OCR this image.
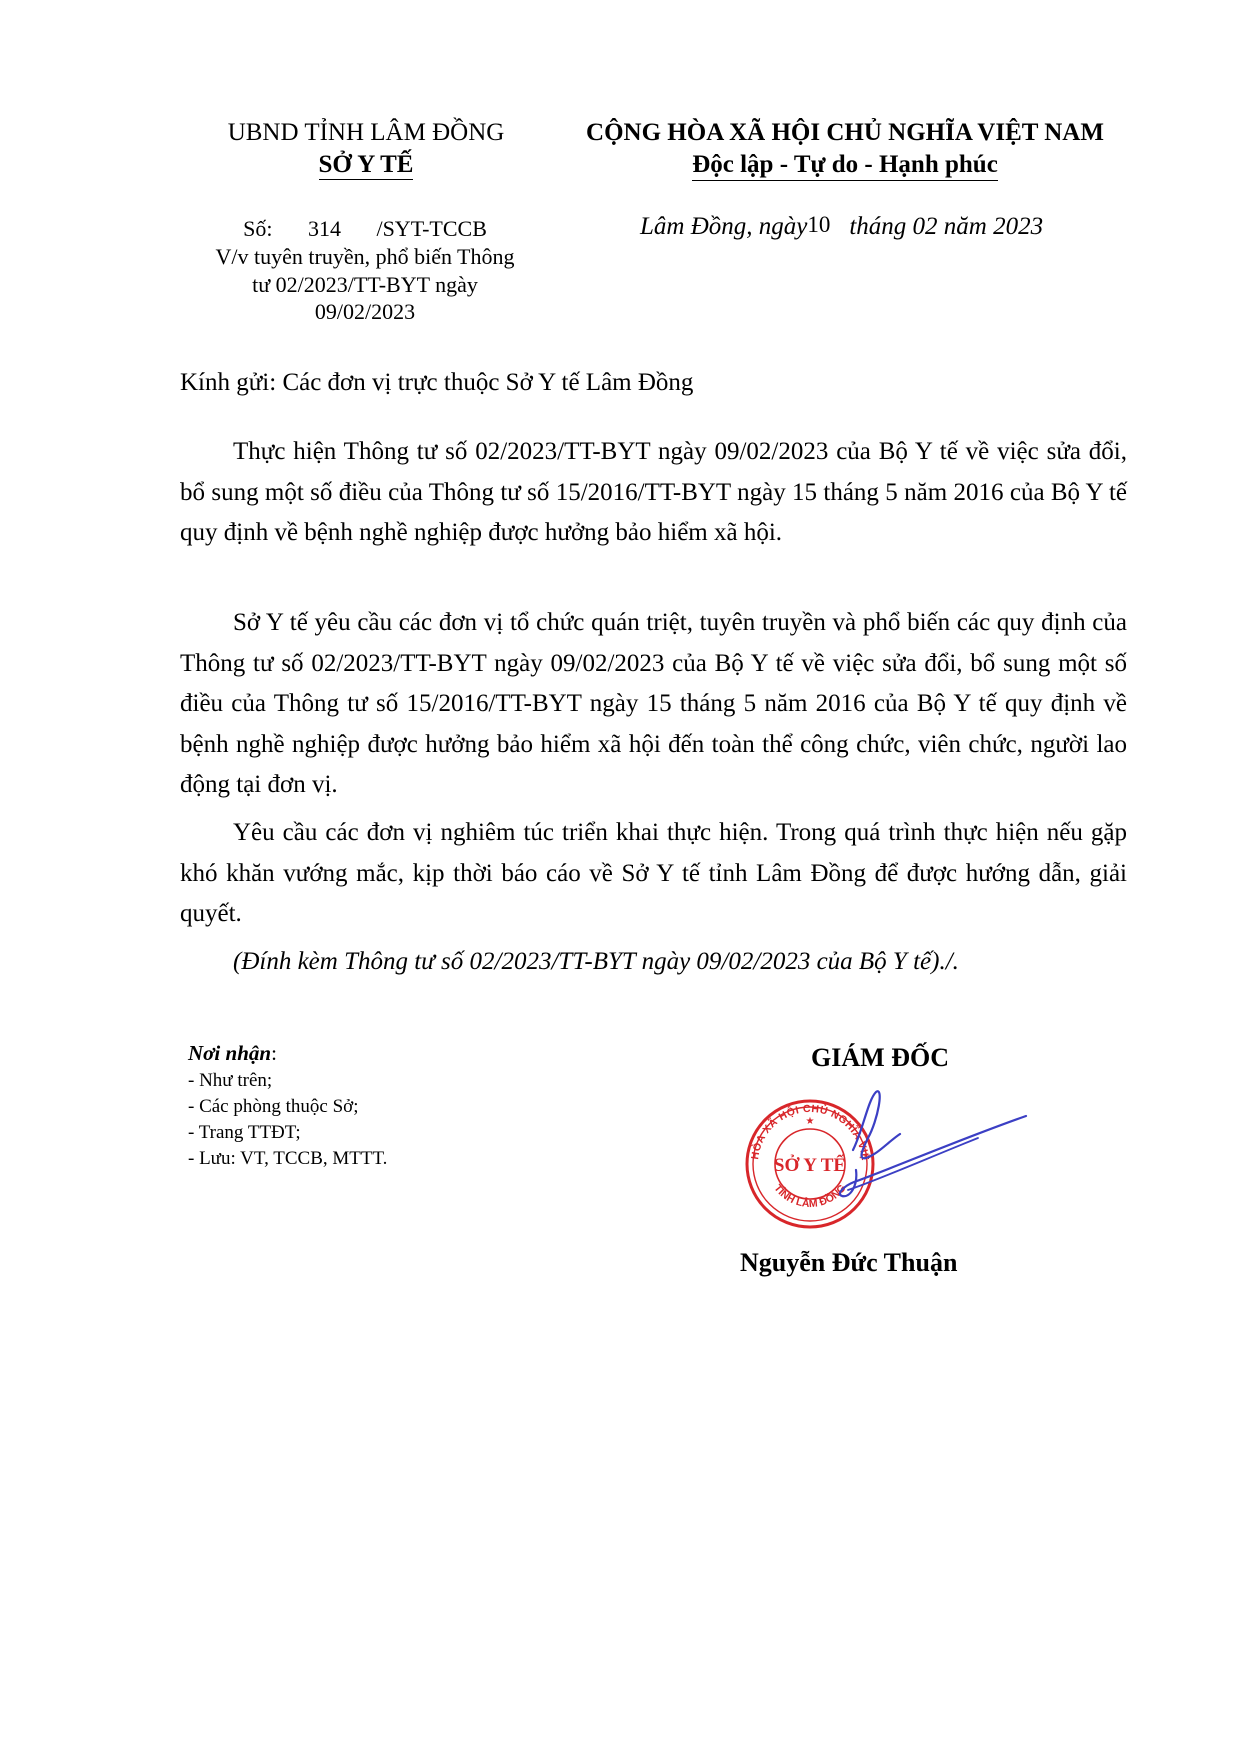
UBND TỈNH LÂM ĐỒNG
SỞ Y TẾ
CỘNG HÒA XÃ HỘI CHỦ NGHĨA VIỆT NAM
Độc lập - Tự do - Hạnh phúc
Số: 314 /SYT-TCCB
V/v tuyên truyền, phổ biến Thông
tư 02/2023/TT-BYT ngày
09/02/2023
Lâm Đồng, ngày10 tháng 02 năm 2023
Kính gửi: Các đơn vị trực thuộc Sở Y tế Lâm Đồng
Thực hiện Thông tư số 02/2023/TT-BYT ngày 09/02/2023 của Bộ Y tế về việc sửa đổi, bổ sung một số điều của Thông tư số 15/2016/TT-BYT ngày 15 tháng 5 năm 2016 của Bộ Y tế quy định về bệnh nghề nghiệp được hưởng bảo hiểm xã hội.
Sở Y tế yêu cầu các đơn vị tổ chức quán triệt, tuyên truyền và phổ biến các quy định của Thông tư số 02/2023/TT-BYT ngày 09/02/2023 của Bộ Y tế về việc sửa đổi, bổ sung một số điều của Thông tư số 15/2016/TT-BYT ngày 15 tháng 5 năm 2016 của Bộ Y tế quy định về bệnh nghề nghiệp được hưởng bảo hiểm xã hội đến toàn thể công chức, viên chức, người lao động tại đơn vị.
Yêu cầu các đơn vị nghiêm túc triển khai thực hiện. Trong quá trình thực hiện nếu gặp khó khăn vướng mắc, kịp thời báo cáo về Sở Y tế tỉnh Lâm Đồng để được hướng dẫn, giải quyết.
(Đính kèm Thông tư số 02/2023/TT-BYT ngày 09/02/2023 của Bộ Y tế)./.
Nơi nhận:
- Như trên;
- Các phòng thuộc Sở;
- Trang TTĐT;
- Lưu: VT, TCCB, MTTT.
GIÁM ĐỐC
HÒA XÃ HỘI CHỦ NGHĨA VIỆ
TỈNH LÂM ĐỒNG
SỞ Y TẾ
★
Nguyễn Đức Thuận
